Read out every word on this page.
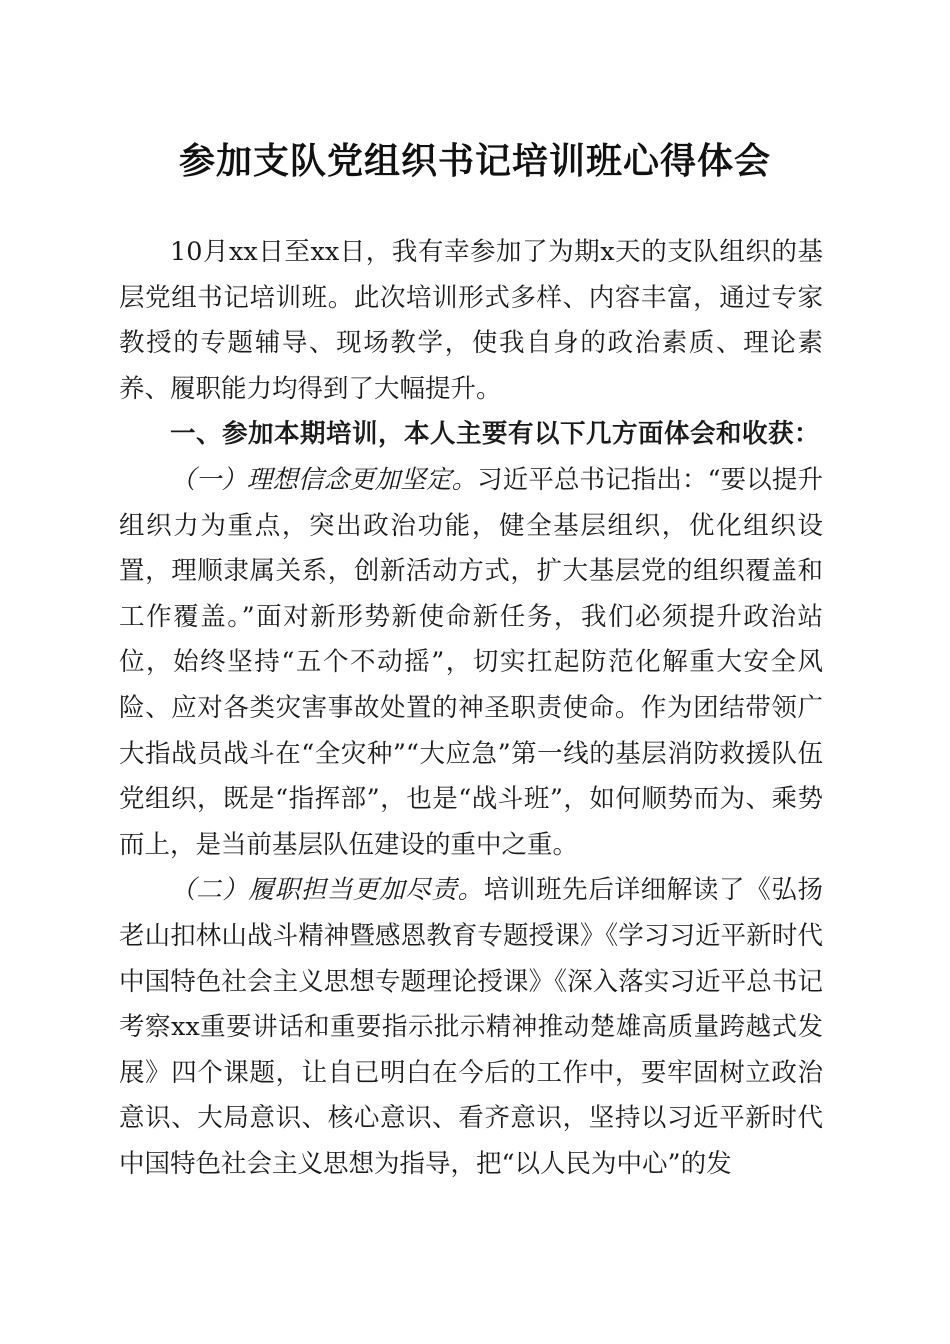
参加支队党组织书记培训班心得体会

10月xx日至xx日，我有幸参加了为期x天的支队组织的基层党组书记培训班。此次培训形式多样、内容丰富，通过专家教授的专题辅导、现场教学，使我自身的政治素质、理论素养、履职能力均得到了大幅提升。

一、参加本期培训，本人主要有以下几方面体会和收获：

（一）理想信念更加坚定。习近平总书记指出：“要以提升组织力为重点，突出政治功能，健全基层组织，优化组织设置，理顺隶属关系，创新活动方式，扩大基层党的组织覆盖和工作覆盖。”面对新形势新使命新任务，我们必须提升政治站位，始终坚持“五个不动摇”，切实扛起防范化解重大安全风险、应对各类灾害事故处置的神圣职责使命。作为团结带领广大指战员战斗在“全灾种”“大应急”第一线的基层消防救援队伍党组织，既是“指挥部”，也是“战斗班”，如何顺势而为、乘势而上，是当前基层队伍建设的重中之重。

（二）履职担当更加尽责。培训班先后详细解读了《弘扬老山扣林山战斗精神暨感恩教育专题授课》《学习习近平新时代中国特色社会主义思想专题理论授课》《深入落实习近平总书记考察xx重要讲话和重要指示批示精神推动楚雄高质量跨越式发展》四个课题，让自已明白在今后的工作中，要牢固树立政治意识、大局意识、核心意识、看齐意识，坚持以习近平新时代中国特色社会主义思想为指导，把“以人民为中心”的发
